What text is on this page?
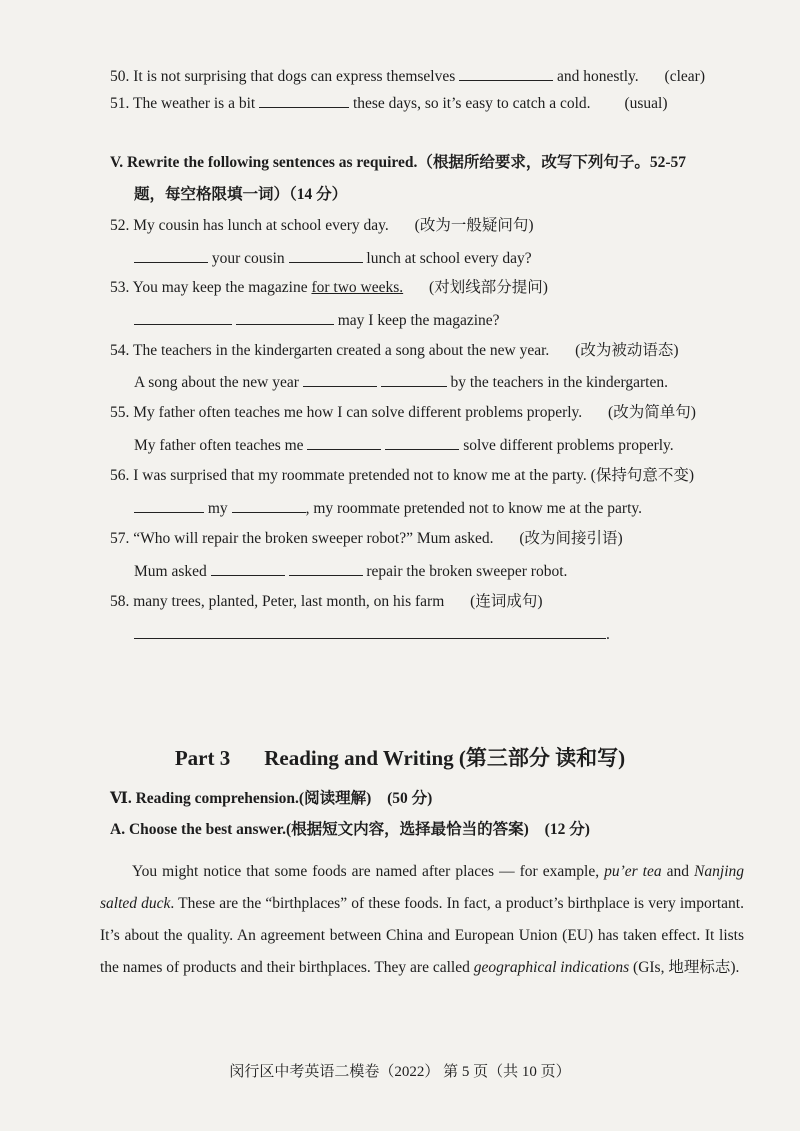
50. It is not surprising that dogs can express themselves	and honestly. (clear)
51. The weather is a bit	these days, so it’s easy to catch a cold. (usual)
V. Rewrite the following sentences as required.（根据所给要求，改写下列句子。52-57
题，每空格限填一词）（14 分）
52. My cousin has lunch at school every day. (改为一般疑问句)
your cousin	lunch at school every day?
53. You may keep the magazine for two weeks. (对划线部分提问)
may I keep the magazine?
54. The teachers in the kindergarten created a song about the new year. (改为被动语态)
A song about the new year	by the teachers in the kindergarten.
55. My father often teaches me how I can solve different problems properly. (改为简单句)
My father often teaches me	solve different problems properly.
56. I was surprised that my roommate pretended not to know me at the party. (保持句意不变)
my	, my roommate pretended not to know me at the party.
57. “Who will repair the broken sweeper robot?” Mum asked. (改为间接引语)
Mum asked	repair the broken sweeper robot.
58. many trees, planted, Peter, last month, on his farm (连词成句)
.
Part 3 Reading and Writing (第三部分 读和写)
Ⅵ. Reading comprehension.(阅读理解) (50 分)
A. Choose the best answer.(根据短文内容，选择最恰当的答案) (12 分)
You might notice that some foods are named after places — for example, pu’er tea and Nanjing salted duck. These are the “birthplaces” of these foods. In fact, a product’s birthplace is very important. It’s about the quality. An agreement between China and European Union (EU) has taken effect. It lists the names of products and their birthplaces. They are called geographical indications (GIs, 地理标志).
闵行区中考英语二模卷（2022） 第 5 页（共 10 页）
